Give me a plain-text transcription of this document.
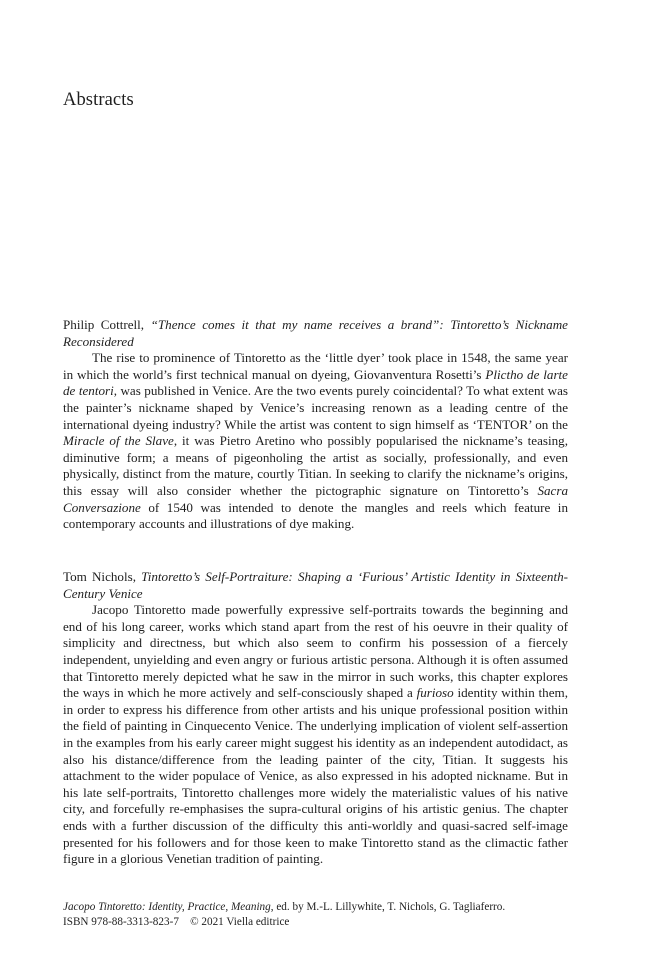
Abstracts

Philip Cottrell, “Thence comes it that my name receives a brand”: Tintoretto’s Nickname Reconsidered

The rise to prominence of Tintoretto as the ‘little dyer’ took place in 1548, the same year in which the world’s first technical manual on dyeing, Giovanventura Rosetti’s Plictho de larte de tentori, was published in Venice. Are the two events purely coincidental? To what extent was the painter’s nickname shaped by Venice’s increasing renown as a leading centre of the international dyeing industry? While the artist was content to sign himself as ‘TENTOR’ on the Miracle of the Slave, it was Pietro Aretino who possibly popularised the nickname’s teasing, diminutive form; a means of pigeonholing the artist as socially, professionally, and even physically, distinct from the mature, courtly Titian. In seeking to clarify the nickname’s origins, this essay will also consider whether the pictographic signature on Tintoretto’s Sacra Conversazione of 1540 was intended to denote the mangles and reels which feature in contemporary accounts and illustrations of dye making.

Tom Nichols, Tintoretto’s Self-Portraiture: Shaping a ‘Furious’ Artistic Identity in Sixteenth-Century Venice

Jacopo Tintoretto made powerfully expressive self-portraits towards the beginning and end of his long career, works which stand apart from the rest of his oeuvre in their quality of simplicity and directness, but which also seem to confirm his possession of a fiercely independent, unyielding and even angry or furious artistic persona. Although it is often assumed that Tintoretto merely depicted what he saw in the mirror in such works, this chapter explores the ways in which he more actively and self-consciously shaped a furioso identity within them, in order to express his difference from other artists and his unique professional position within the field of painting in Cinquecento Venice. The underlying implication of violent self-assertion in the examples from his early career might suggest his identity as an independent autodidact, as also his distance/difference from the leading painter of the city, Titian. It suggests his attachment to the wider populace of Venice, as also expressed in his adopted nickname. But in his late self-portraits, Tintoretto challenges more widely the materialistic values of his native city, and forcefully re-emphasises the supra-cultural origins of his artistic genius. The chapter ends with a further discussion of the difficulty this anti-worldly and quasi-sacred self-image presented for his followers and for those keen to make Tintoretto stand as the climactic father figure in a glorious Venetian tradition of painting.

Jacopo Tintoretto: Identity, Practice, Meaning, ed. by M.-L. Lillywhite, T. Nichols, G. Tagliaferro.
ISBN 978-88-3313-823-7 © 2021 Viella editrice
